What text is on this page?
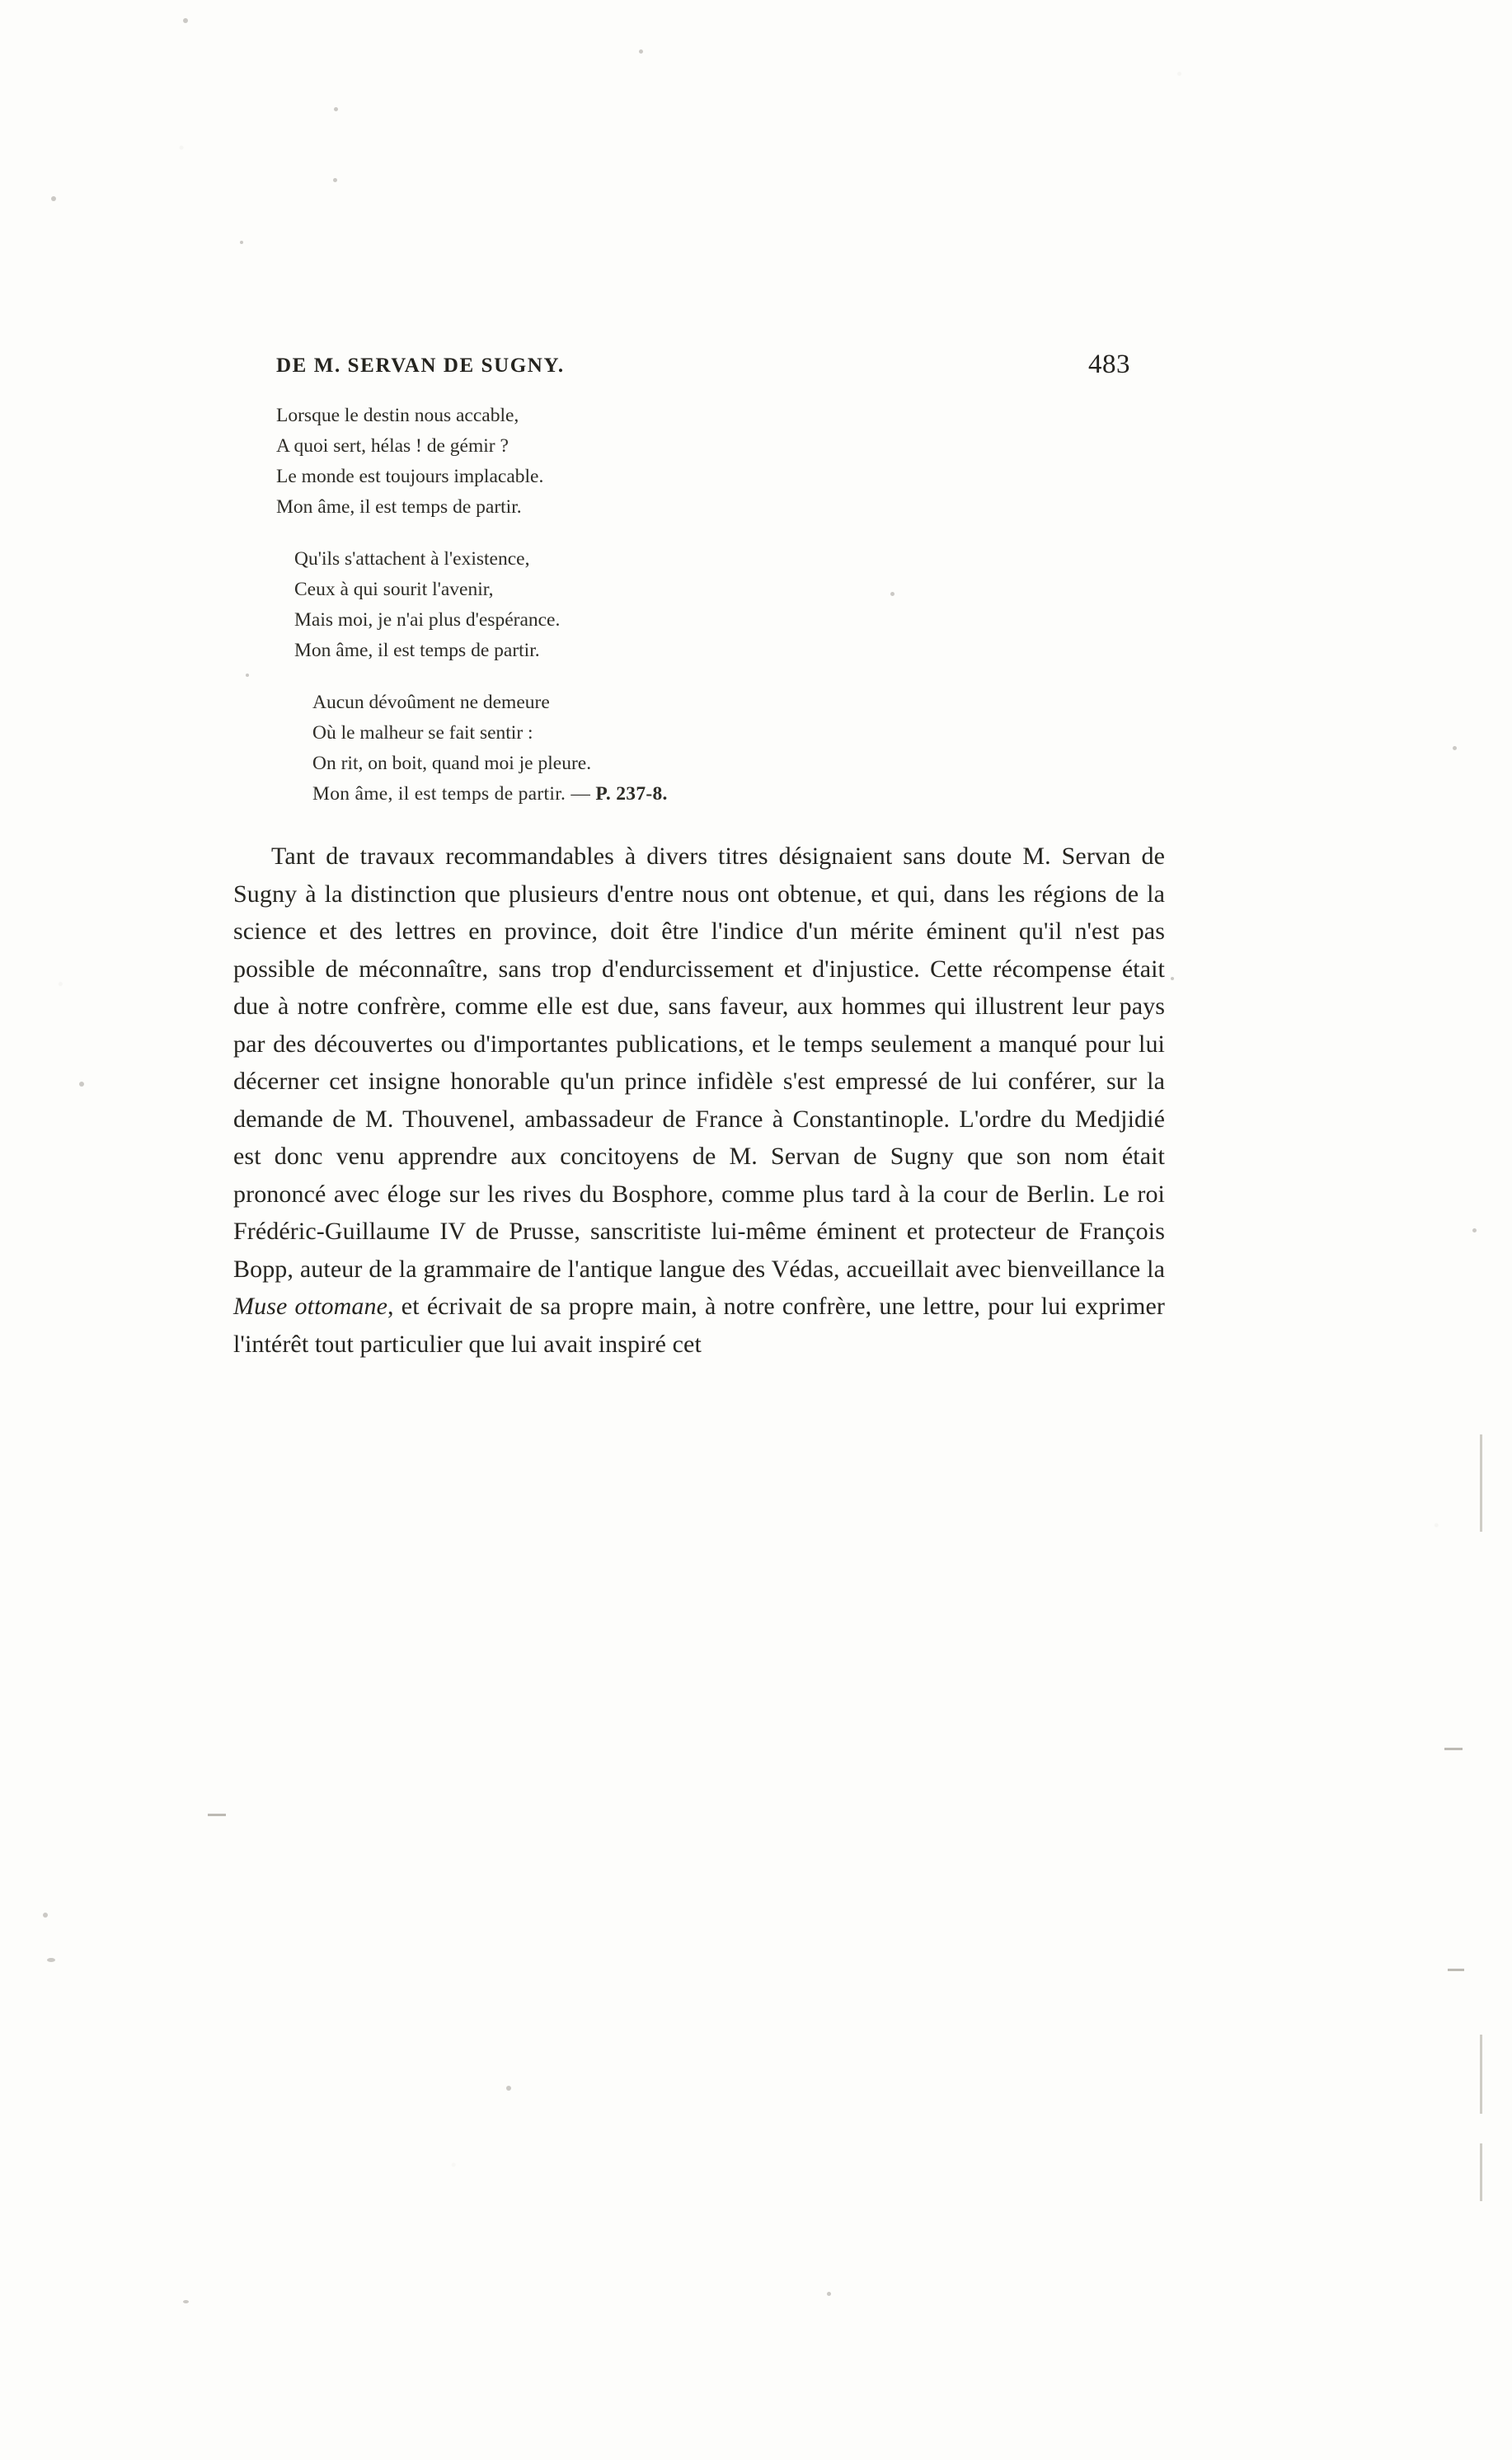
DE M. SERVAN DE SUGNY.	483
Lorsque le destin nous accable,
A quoi sert, hélas ! de gémir ?
Le monde est toujours implacable.
Mon âme, il est temps de partir.
Qu'ils s'attachent à l'existence,
Ceux à qui sourit l'avenir,
Mais moi, je n'ai plus d'espérance.
Mon âme, il est temps de partir.
Aucun dévoûment ne demeure
Où le malheur se fait sentir :
On rit, on boit, quand moi je pleure.
Mon âme, il est temps de partir. — P. 237-8.

Tant de travaux recommandables à divers titres désignaient sans doute M. Servan de Sugny à la distinction que plusieurs d'entre nous ont obtenue, et qui, dans les régions de la science et des lettres en province, doit être l'indice d'un mérite éminent qu'il n'est pas possible de méconnaître, sans trop d'endurcissement et d'injustice. Cette récompense était due à notre confrère, comme elle est due, sans faveur, aux hommes qui illustrent leur pays par des découvertes ou d'importantes publications, et le temps seulement a manqué pour lui décerner cet insigne honorable qu'un prince infidèle s'est empressé de lui conférer, sur la demande de M. Thouvenel, ambassadeur de France à Constantinople. L'ordre du Medjidié est donc venu apprendre aux concitoyens de M. Servan de Sugny que son nom était prononcé avec éloge sur les rives du Bosphore, comme plus tard à la cour de Berlin. Le roi Frédéric-Guillaume IV de Prusse, sanscritiste lui-même éminent et protecteur de François Bopp, auteur de la grammaire de l'antique langue des Védas, accueillait avec bienveillance la Muse ottomane, et écrivait de sa propre main, à notre confrère, une lettre, pour lui exprimer l'intérêt tout particulier que lui avait inspiré cet
